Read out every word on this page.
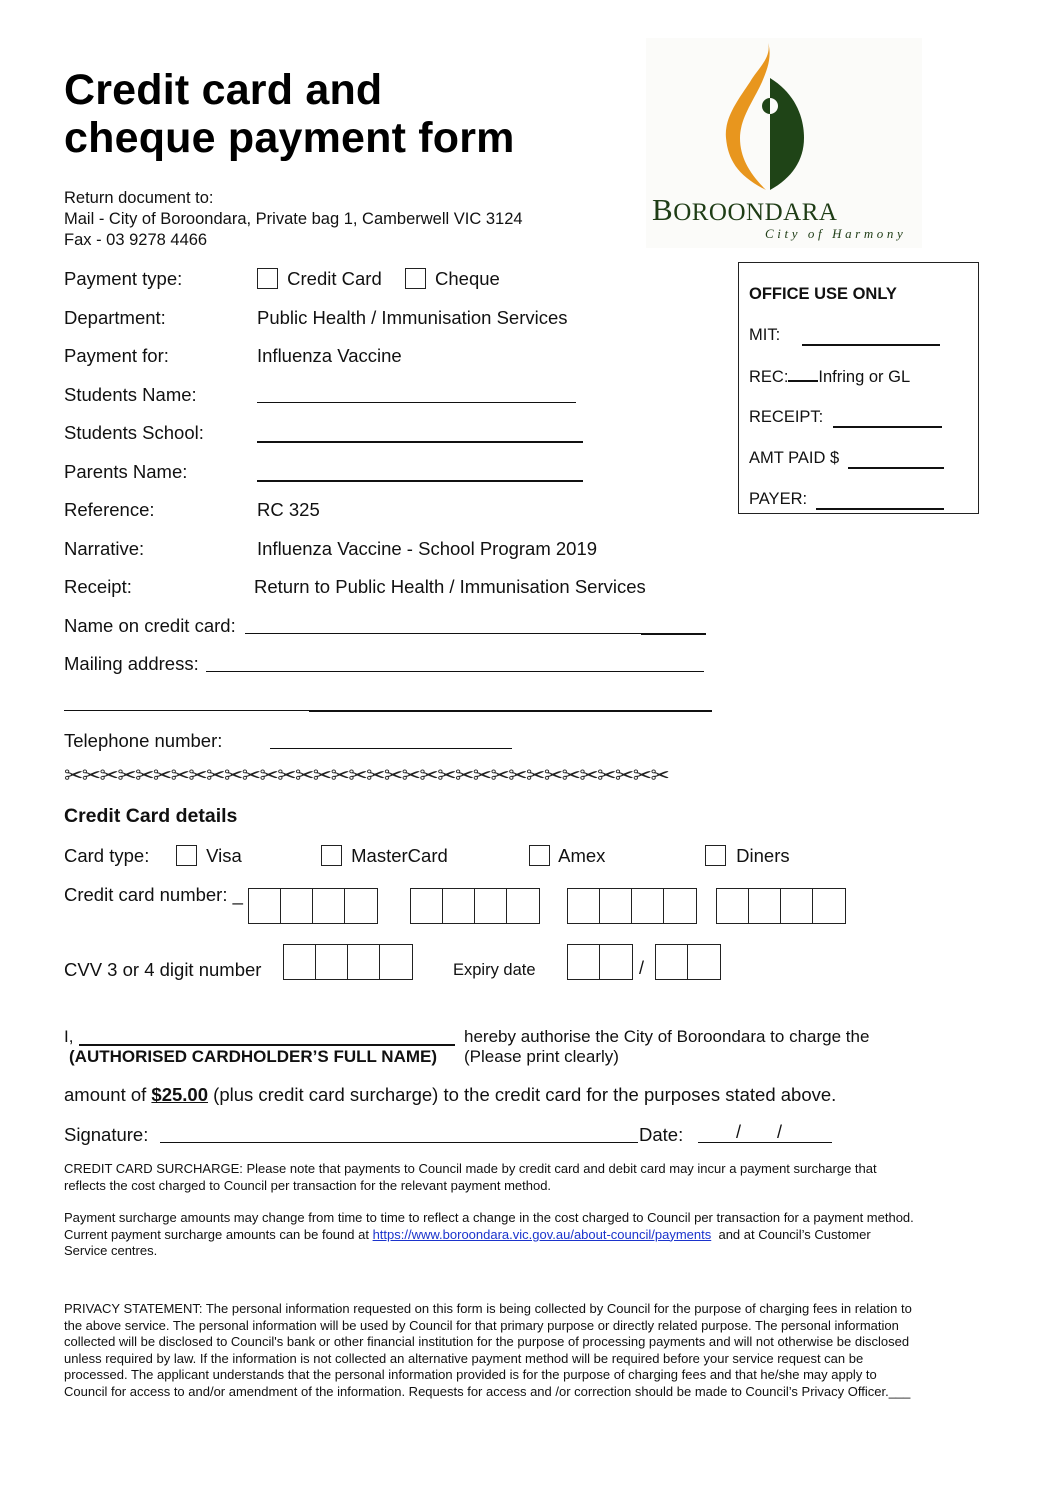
Credit card and
cheque payment form
Return document to:
Mail - City of Boroondara, Private bag 1, Camberwell VIC 3124
Fax - 03 9278 4466
BOROONDARA
City of Harmony
OFFICE USE ONLY
MIT:
REC: Infring or GL
RECEIPT:
AMT PAID $
PAYER:
Payment type:	Credit Card	Cheque
Department:	Public Health / Immunisation Services
Payment for:	Influenza Vaccine
Students Name:
Students School:
Parents Name:
Reference:	RC 325
Narrative:	Influenza Vaccine - School Program 2019
Receipt:	Return to Public Health / Immunisation Services
Name on credit card:
Mailing address:
Telephone number:
✂✂✂✂✂✂✂✂✂✂✂✂✂✂✂✂✂✂✂✂✂✂✂✂✂✂✂✂✂✂✂✂✂✂
Credit Card details
Card type:	Visa	MasterCard	Amex	Diners
Credit card number: _
CVV 3 or 4 digit number	Expiry date	/
I,	hereby authorise the City of Boroondara to charge the
(AUTHORISED CARDHOLDER’S FULL NAME) (Please print clearly)
amount of $25.00 (plus credit card surcharge) to the credit card for the purposes stated above.
Signature:	Date:	/ /
CREDIT CARD SURCHARGE: Please note that payments to Council made by credit card and debit card may incur a payment surcharge that
reflects the cost charged to Council per transaction for the relevant payment method.
Payment surcharge amounts may change from time to time to reflect a change in the cost charged to Council per transaction for a payment method.
Current payment surcharge amounts can be found at https://www.boroondara.vic.gov.au/about-council/payments  and at Council’s Customer
Service centres.
PRIVACY STATEMENT: The personal information requested on this form is being collected by Council for the purpose of charging fees in relation to
the above service. The personal information will be used by Council for that primary purpose or directly related purpose. The personal information
collected will be disclosed to Council's bank or other financial institution for the purpose of processing payments and will not otherwise be disclosed
unless required by law. If the information is not collected an alternative payment method will be required before your service request can be
processed. The applicant understands that the personal information provided is for the purpose of charging fees and that he/she may apply to
Council for access to and/or amendment of the information. Requests for access and /or correction should be made to Council’s Privacy Officer.___
